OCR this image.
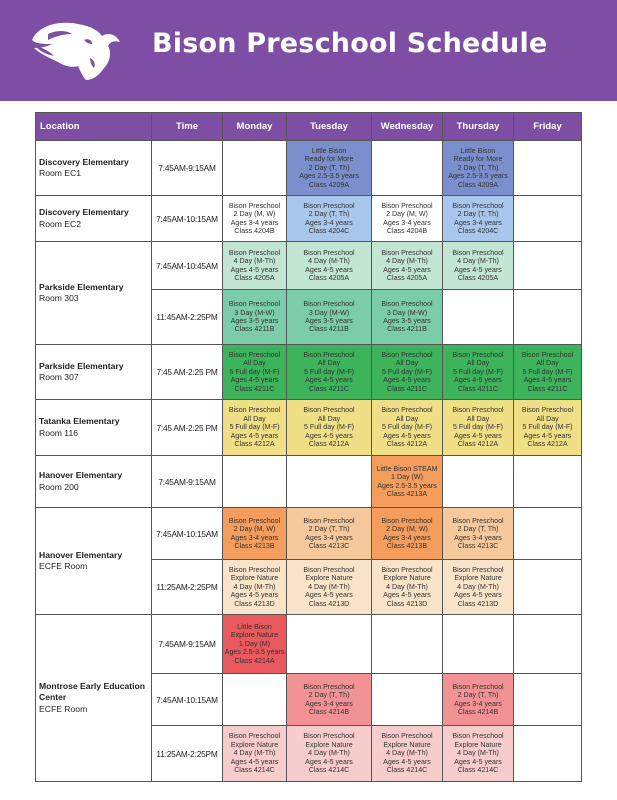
Bison Preschool Schedule
Location	Time	Monday	Tuesday	Wednesday	Thursday	Friday

Discovery Elementary
Room EC1	7:45AM-9:15AM		Little Bison
Ready for More
2 Day (T, Th)
Ages 2.5-3.5 years
Class 4209A		Little Bison
Ready for More
2 Day (T, Th)
Ages 2.5-3.5 years
Class 4209A	

Discovery Elementary
Room EC2	7:45AM-10:15AM	Bison Preschool
2 Day (M, W)
Ages 3-4 years
Class 4204B	Bison Preschool
2 Day (T, Th)
Ages 3-4 years
Class 4204C	Bison Preschool
2 Day (M, W)
Ages 3-4 years
Class 4204B	Bison Preschool
2 Day (T, Th)
Ages 3-4 years
Class 4204C	

Parkside Elementary
Room 303	7:45AM-10:45AM	Bison Preschool
4 Day (M-Th)
Ages 4-5 years
Class 4205A	Bison Preschool
4 Day (M-Th)
Ages 4-5 years
Class 4205A	Bison Preschool
4 Day (M-Th)
Ages 4-5 years
Class 4205A	Bison Preschool
4 Day (M-Th)
Ages 4-5 years
Class 4205A	

	11:45AM-2:25PM	Bison Preschool
3 Day (M-W)
Ages 3-5 years
Class 4211B	Bison Preschool
3 Day (M-W)
Ages 3-5 years
Class 4211B	Bison Preschool
3 Day (M-W)
Ages 3-5 years
Class 4211B		

Parkside Elementary
Room 307	7:45 AM-2:25 PM	Bison Preschool
All Day
5 Full day (M-F)
Ages 4-5 years
Class 4211C	Bison Preschool
All Day
5 Full day (M-F)
Ages 4-5 years
Class 4211C	Bison Preschool
All Day
5 Full day (M-F)
Ages 4-5 years
Class 4211C	Bison Preschool
All Day
5 Full day (M-F)
Ages 4-5 years
Class 4211C	Bison Preschool
All Day
5 Full day (M-F)
Ages 4-5 years
Class 4211C

Tatanka Elementary
Room 116	7:45 AM-2:25 PM	Bison Preschool
All Day
5 Full day (M-F)
Ages 4-5 years
Class 4212A	Bison Preschool
All Day
5 Full day (M-F)
Ages 4-5 years
Class 4212A	Bison Preschool
All Day
5 Full day (M-F)
Ages 4-5 years
Class 4212A	Bison Preschool
All Day
5 Full day (M-F)
Ages 4-5 years
Class 4212A	Bison Preschool
All Day
5 Full day (M-F)
Ages 4-5 years
Class 4212A

Hanover Elementary
Room 200	7:45AM-9:15AM			Little Bison STEAM
1 Day (W)
Ages 2.5-3.5 years
Class 4213A		

Hanover Elementary
ECFE Room	7:45AM-10:15AM	Bison Preschool
2 Day (M, W)
Ages 3-4 years
Class 4213B	Bison Preschool
2 Day (T, Th)
Ages 3-4 years
Class 4213C	Bison Preschool
2 Day (M, W)
Ages 3-4 years
Class 4213B	Bison Preschool
2 Day (T, Th)
Ages 3-4 years
Class 4213C	

	11:25AM-2:25PM	Bison Preschool
Explore Nature
4 Day (M-Th)
Ages 4-5 years
Class 4213D	Bison Preschool
Explore Nature
4 Day (M-Th)
Ages 4-5 years
Class 4213D	Bison Preschool
Explore Nature
4 Day (M-Th)
Ages 4-5 years
Class 4213D	Bison Preschool
Explore Nature
4 Day (M-Th)
Ages 4-5 years
Class 4213D	

Montrose Early Education Center
ECFE Room	7:45AM-9:15AM	Little Bison
Explore Nature
1 Day (M)
Ages 2.5-3.5 years
Class 4214A				

	7:45AM-10:15AM		Bison Preschool
2 Day (T, Th)
Ages 3-4 years
Class 4214B		Bison Preschool
2 Day (T, Th)
Ages 3-4 years
Class 4214B	

	11:25AM-2:25PM	Bison Preschool
Explore Nature
4 Day (M-Th)
Ages 4-5 years
Class 4214C	Bison Preschool
Explore Nature
4 Day (M-Th)
Ages 4-5 years
Class 4214C	Bison Preschool
Explore Nature
4 Day (M-Th)
Ages 4-5 years
Class 4214C	Bison Preschool
Explore Nature
4 Day (M-Th)
Ages 4-5 years
Class 4214C	
